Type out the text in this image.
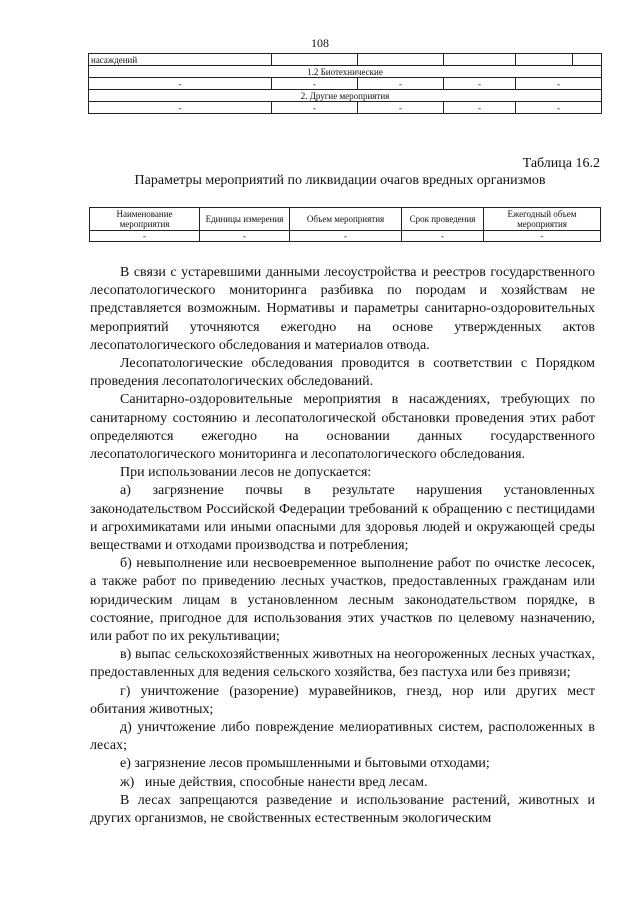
108
насаждений					
1.2 Биотехнические					
-	-	-	-	-	
2. Другие мероприятия					
-	-	-	-	-	
Таблица 16.2
Параметры мероприятий по ликвидации очагов вредных организмов
Наименование мероприятия	Единицы измерения	Объем мероприятия	Срок проведения	Ежегодный объем мероприятия
-	-	-	-	-

В связи с устаревшими данными лесоустройства и реестров государственного лесопатологического мониторинга разбивка по породам и хозяйствам не представляется возможным. Нормативы и параметры санитарно-оздоровительных мероприятий уточняются ежегодно на основе утвержденных актов лесопатологического обследования и материалов отвода.

Лесопатологические обследования проводится в соответствии с Порядком проведения лесопатологических обследований.

Санитарно-оздоровительные мероприятия в насаждениях, требующих по санитарному состоянию и лесопатологической обстановки проведения этих работ определяются ежегодно на основании данных государственного лесопатологического мониторинга и лесопатологического обследования.

При использовании лесов не допускается:

а) загрязнение почвы в результате нарушения установленных законодательством Российской Федерации требований к обращению с пестицидами и агрохимикатами или иными опасными для здоровья людей и окружающей среды веществами и отходами производства и потребления;

б) невыполнение или несвоевременное выполнение работ по очистке лесосек, а также работ по приведению лесных участков, предоставленных гражданам или юридическим лицам в установленном лесным законодательством порядке, в состояние, пригодное для использования этих участков по целевому назначению, или работ по их рекультивации;

в) выпас сельскохозяйственных животных на неогороженных лесных участках, предоставленных для ведения сельского хозяйства, без пастуха или без привязи;

г) уничтожение (разорение) муравейников, гнезд, нор или других мест обитания животных;

д) уничтожение либо повреждение мелиоративных систем, расположенных в лесах;

е) загрязнение лесов промышленными и бытовыми отходами;

ж)   иные действия, способные нанести вред лесам.

В лесах запрещаются разведение и использование растений, животных и других организмов, не свойственных естественным экологическим
